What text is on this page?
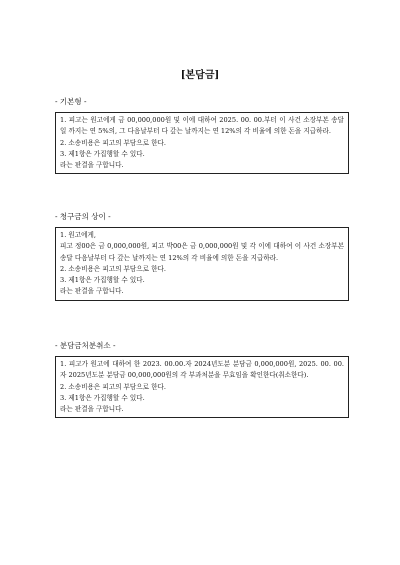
[본담금]
- 기본형 -

1. 피고는 원고에게 금 00,000,000원 및 이에 대하여 2025. 00. 00.부터 이 사건 소장부본 송달일 까지는 연 5%의, 그 다음날부터 다 갚는 날까지는 연 12%의 각 비율에 의한 돈을 지급하라.

2. 소송비용은 피고의 부담으로 한다.

3. 제1항은 가집행할 수 있다.

라는 판결을 구합니다.

- 청구금의 상이 -

1. 원고에게,

피고 정00은 금 0,000,000원, 피고 박00은 금 0,000,000원 및 각 이에 대하여 이 사건 소장부본 송달 다음날부터 다 갚는 날까지는 연 12%의 각 비율에 의한 돈을 지급하라.

2. 소송비용은 피고의 부담으로 한다.

3. 제1항은 가집행할 수 있다.

라는 판결을 구합니다.

- 분담금처분취소 -

1. 피고가 원고에 대하여 한 2023. 00.00.자 2024년도분 분담금 0,000,000원, 2025. 00. 00.자 2025년도분 분담금 00,000,000원의 각 부과처분을 무효임을 확인한다(취소한다).

2. 소송비용은 피고의 부담으로 한다.

3. 제1항은 가집행할 수 있다.

라는 판결을 구합니다.
